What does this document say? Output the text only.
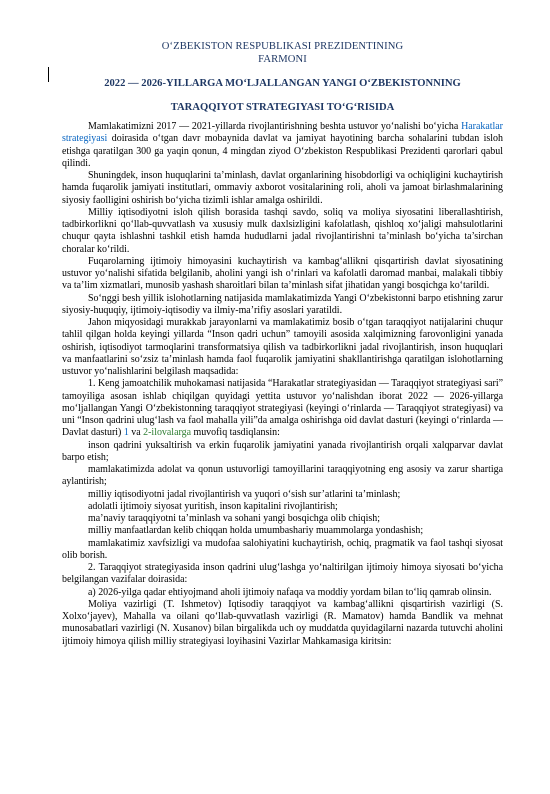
O‘ZBEKISTON RESPUBLIKASI PREZIDENTINING
FARMONI
2022 — 2026-YILLARGA MO‘LJALLANGAN YANGI O‘ZBEKISTONNING
TARAQQIYOT STRATEGIYASI TO‘G‘RISIDA

Mamlakatimizni 2017 — 2021-yillarda rivojlantirishning beshta ustuvor yo‘nalishi bo‘yicha Harakatlar strategiyasi doirasida o‘tgan davr mobaynida davlat va jamiyat hayotining barcha sohalarini tubdan isloh etishga qaratilgan 300 ga yaqin qonun, 4 mingdan ziyod O‘zbekiston Respublikasi Prezidenti qarorlari qabul qilindi.

Shuningdek, inson huquqlarini ta’minlash, davlat organlarining hisobdorligi va ochiqligini kuchaytirish hamda fuqarolik jamiyati institutlari, ommaviy axborot vositalarining roli, aholi va jamoat birlashmalarining siyosiy faolligini oshirish bo‘yicha tizimli ishlar amalga oshirildi.

Milliy iqtisodiyotni isloh qilish borasida tashqi savdo, soliq va moliya siyosatini liberallashtirish, tadbirkorlikni qo‘llab-quvvatlash va xususiy mulk daxlsizligini kafolatlash, qishloq xo‘jaligi mahsulotlarini chuqur qayta ishlashni tashkil etish hamda hududlarni jadal rivojlantirishni ta’minlash bo‘yicha ta’sirchan choralar ko‘rildi.

Fuqarolarning ijtimoiy himoyasini kuchaytirish va kambag‘allikni qisqartirish davlat siyosatining ustuvor yo‘nalishi sifatida belgilanib, aholini yangi ish o‘rinlari va kafolatli daromad manbai, malakali tibbiy va ta’lim xizmatlari, munosib yashash sharoitlari bilan ta’minlash sifat jihatidan yangi bosqichga ko‘tarildi.

So‘nggi besh yillik islohotlarning natijasida mamlakatimizda Yangi O‘zbekistonni barpo etishning zarur siyosiy-huquqiy, ijtimoiy-iqtisodiy va ilmiy-ma’rifiy asoslari yaratildi.

Jahon miqyosidagi murakkab jarayonlarni va mamlakatimiz bosib o‘tgan taraqqiyot natijalarini chuqur tahlil qilgan holda keyingi yillarda “Inson qadri uchun” tamoyili asosida xalqimizning farovonligini yanada oshirish, iqtisodiyot tarmoqlarini transformatsiya qilish va tadbirkorlikni jadal rivojlantirish, inson huquqlari va manfaatlarini so‘zsiz ta’minlash hamda faol fuqarolik jamiyatini shakllantirishga qaratilgan islohotlarning ustuvor yo‘nalishlarini belgilash maqsadida:

1. Keng jamoatchilik muhokamasi natijasida “Harakatlar strategiyasidan — Taraqqiyot strategiyasi sari” tamoyiliga asosan ishlab chiqilgan quyidagi yettita ustuvor yo‘nalishdan iborat 2022 — 2026-yillarga mo‘ljallangan Yangi O‘zbekistonning taraqqiyot strategiyasi (keyingi o‘rinlarda — Taraqqiyot strategiyasi) va uni “Inson qadrini ulug‘lash va faol mahalla yili”da amalga oshirishga oid davlat dasturi (keyingi o‘rinlarda — Davlat dasturi) 1 va 2-ilovalarga muvofiq tasdiqlansin:

inson qadrini yuksaltirish va erkin fuqarolik jamiyatini yanada rivojlantirish orqali xalqparvar davlat barpo etish;

mamlakatimizda adolat va qonun ustuvorligi tamoyillarini taraqqiyotning eng asosiy va zarur shartiga aylantirish;

milliy iqtisodiyotni jadal rivojlantirish va yuqori o‘sish sur’atlarini ta’minlash;

adolatli ijtimoiy siyosat yuritish, inson kapitalini rivojlantirish;

ma’naviy taraqqiyotni ta’minlash va sohani yangi bosqichga olib chiqish;

milliy manfaatlardan kelib chiqqan holda umumbashariy muammolarga yondashish;

mamlakatimiz xavfsizligi va mudofaa salohiyatini kuchaytirish, ochiq, pragmatik va faol tashqi siyosat olib borish.

2. Taraqqiyot strategiyasida inson qadrini ulug‘lashga yo‘naltirilgan ijtimoiy himoya siyosati bo‘yicha belgilangan vazifalar doirasida:

a) 2026-yilga qadar ehtiyojmand aholi ijtimoiy nafaqa va moddiy yordam bilan to‘liq qamrab olinsin.

Moliya vazirligi (T. Ishmetov) Iqtisodiy taraqqiyot va kambag‘allikni qisqartirish vazirligi (S. Xolxo‘jayev), Mahalla va oilani qo‘llab-quvvatlash vazirligi (R. Mamatov) hamda Bandlik va mehnat munosabatlari vazirligi (N. Xusanov) bilan birgalikda uch oy muddatda quyidagilarni nazarda tutuvchi aholini ijtimoiy himoya qilish milliy strategiyasi loyihasini Vazirlar Mahkamasiga kiritsin:
